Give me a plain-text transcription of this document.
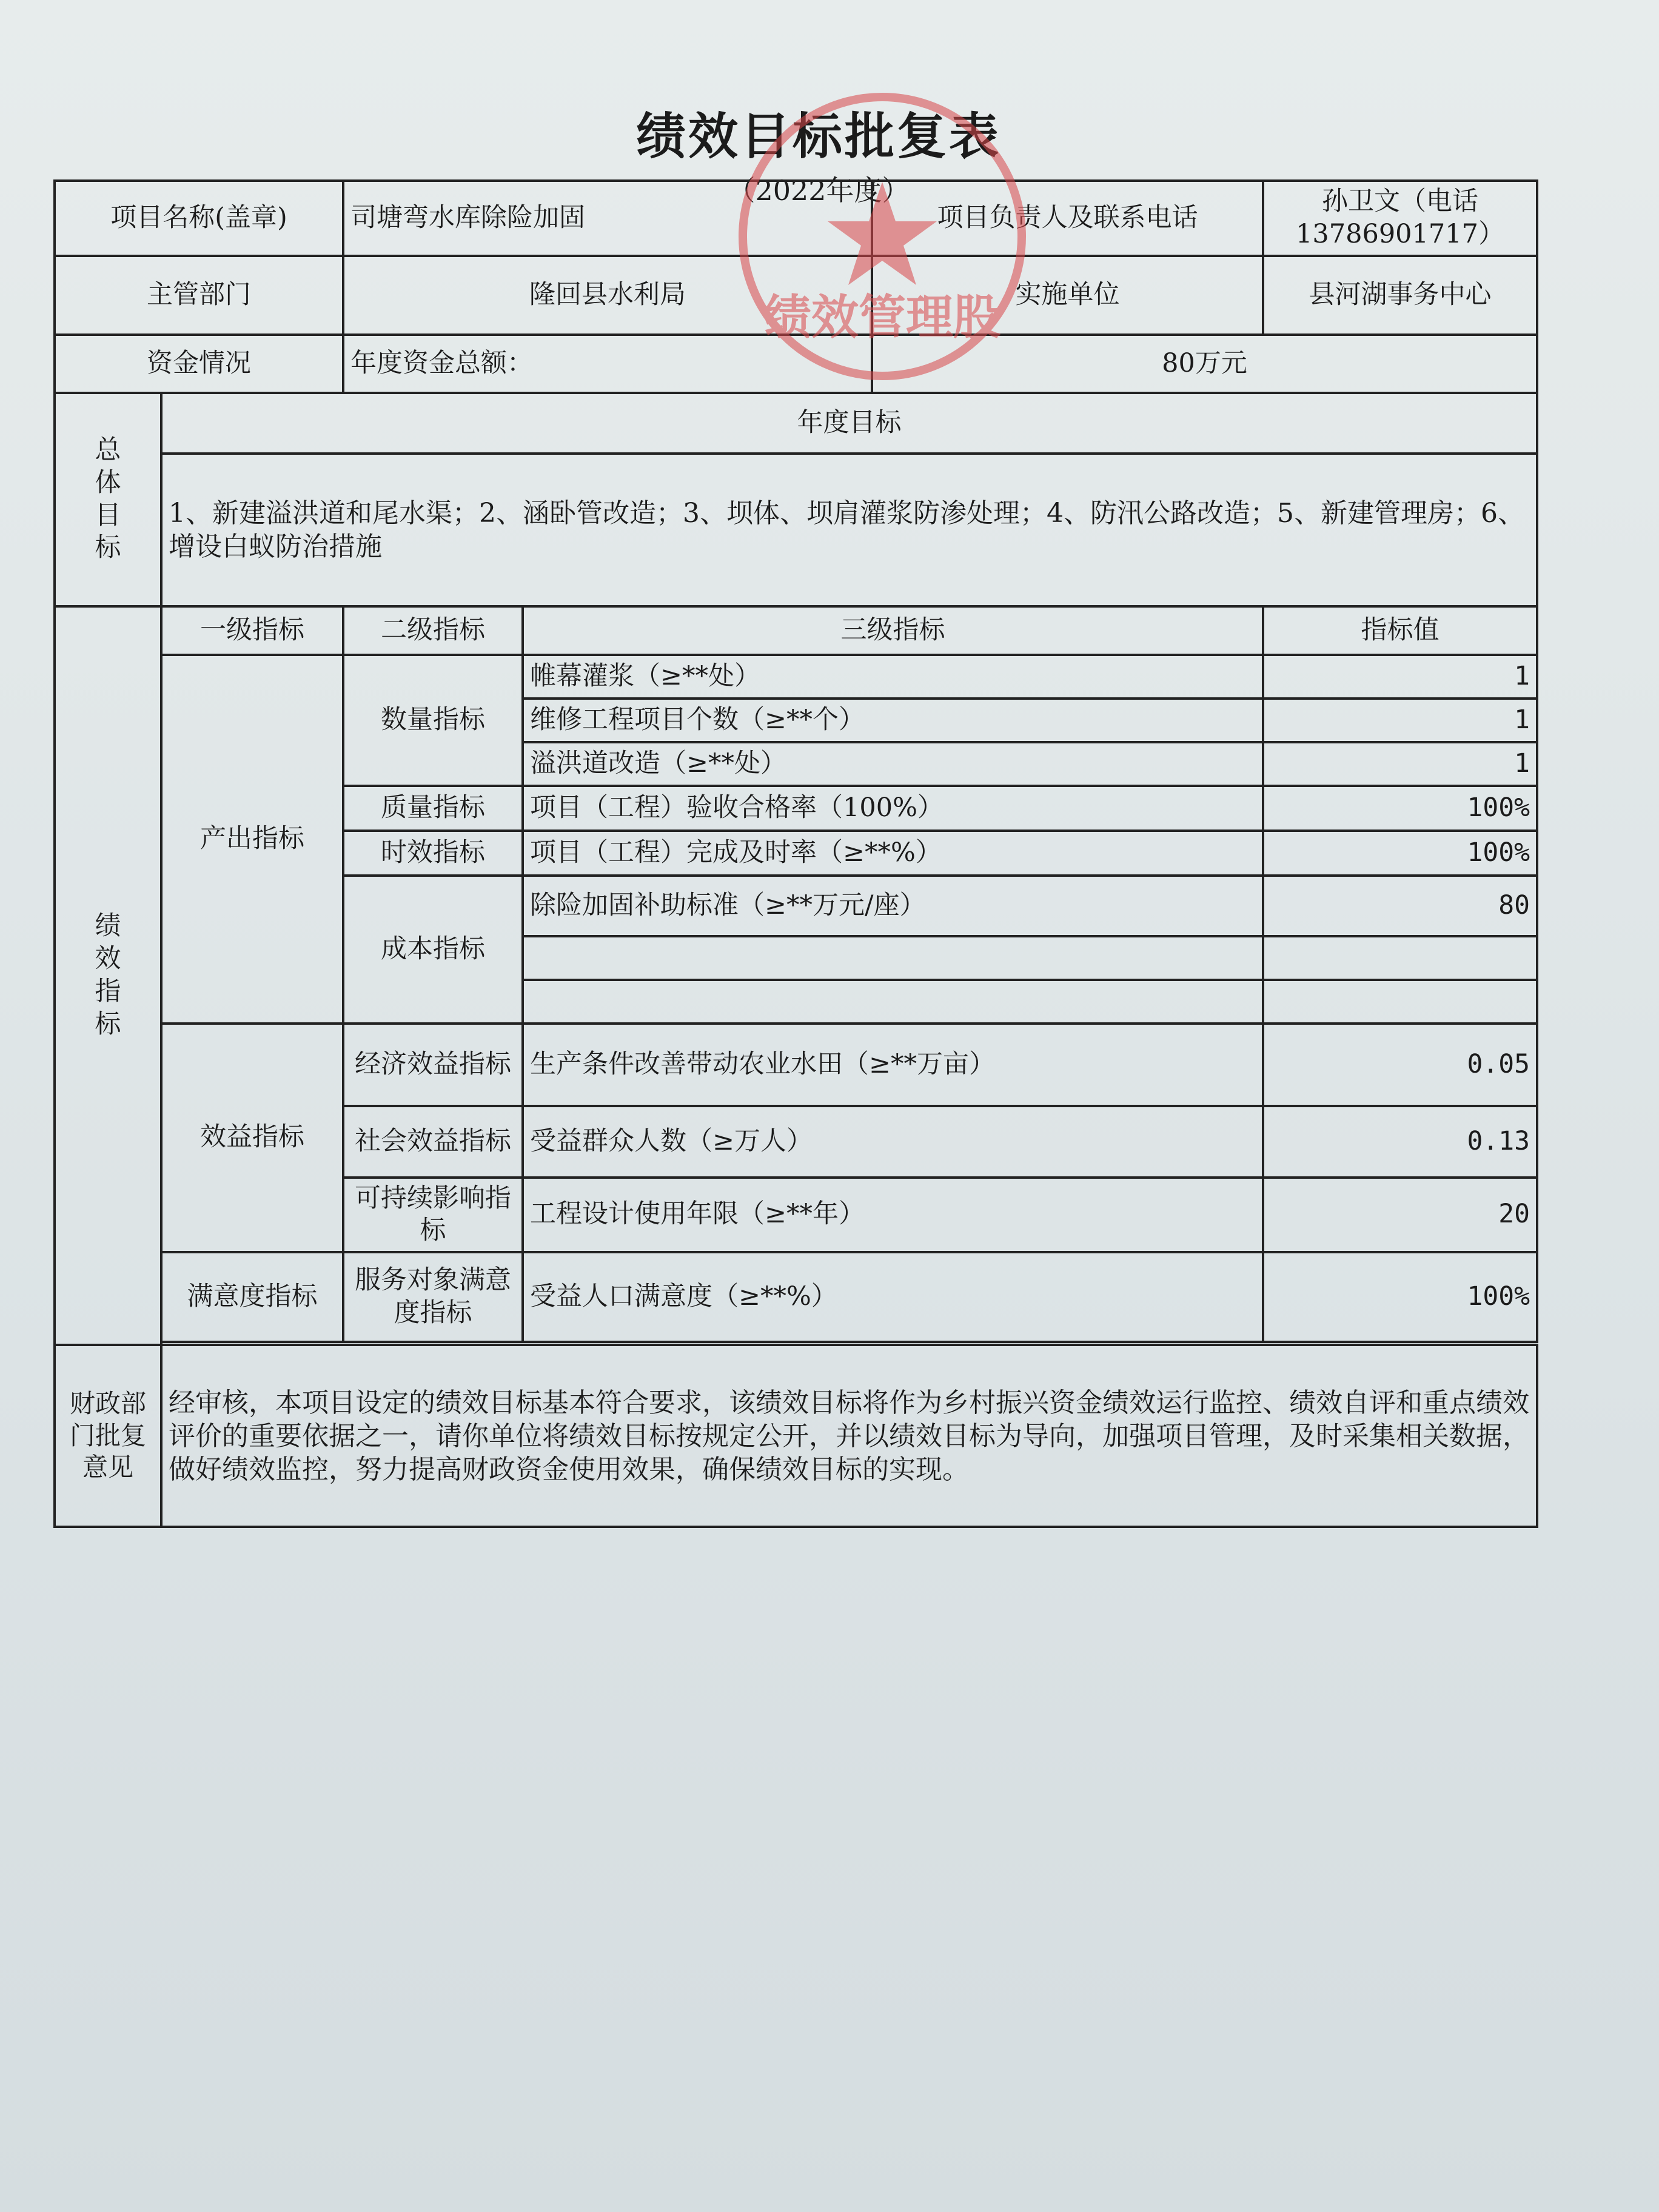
绩效目标批复表
（2022年度）
项目名称(盖章)		司塘弯水库除险加固		项目负责人及联系电话	孙卫文（电话 13786901717）
主管部门		隆回县水利局		实施单位	县河湖事务中心
资金情况		年度资金总额：		80万元	
总体目标	年度目标				
	1、新建溢洪道和尾水渠；2、涵卧管改造；3、坝体、坝肩灌浆防渗处理；4、防汛公路改造；5、新建管理房；6、增设白蚁防治措施				
绩效指标	一级指标	二级指标	三级指标		指标值
	产出指标	数量指标	帷幕灌浆（≥**处）		1
			维修工程项目个数（≥**个）		1
			溢洪道改造（≥**处）		1
		质量指标	项目（工程）验收合格率（100%）		100%
		时效指标	项目（工程）完成及时率（≥**%）		100%
		成本指标	除险加固补助标准（≥**万元/座）		80

	效益指标	经济效益指标	生产条件改善带动农业水田（≥**万亩）		0.05
		社会效益指标	受益群众人数（≥万人）		0.13
		可持续影响指标	工程设计使用年限（≥**年）		20
	满意度指标	服务对象满意度指标	受益人口满意度（≥**%）		100%

财政部门批复意见	经审核，本项目设定的绩效目标基本符合要求，该绩效目标将作为乡村振兴资金绩效运行监控、绩效自评和重点绩效评价的重要依据之一，请你单位将绩效目标按规定公开，并以绩效目标为导向，加强项目管理，及时采集相关数据，做好绩效监控，努力提高财政资金使用效果，确保绩效目标的实现。				
绩效管理股
